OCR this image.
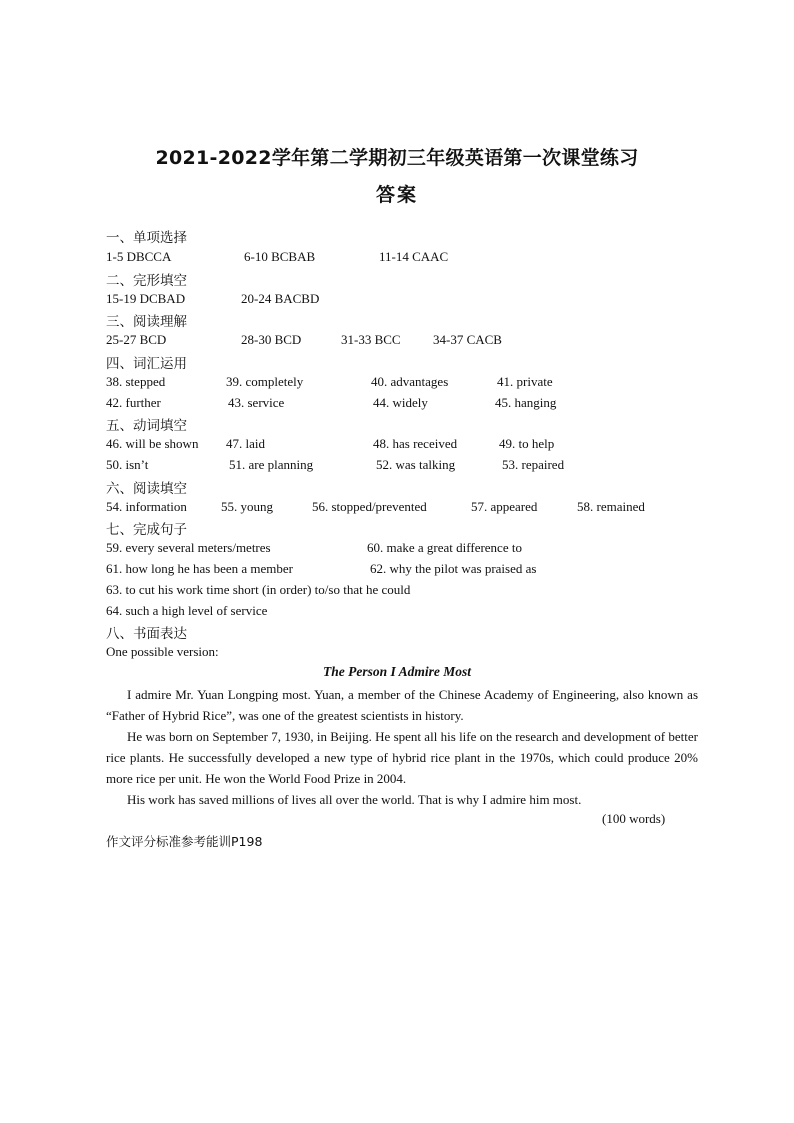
2021-2022学年第二学期初三年级英语第一次课堂练习
答案
一、单项选择
1-5 DBCCA	6-10 BCBAB	11-14 CAAC
二、完形填空
15-19 DCBAD	20-24 BACBD
三、阅读理解
25-27 BCD	28-30 BCD	31-33 BCC 34-37 CACB
四、词汇运用
38. stepped	39. completely	40. advantages	41. private
42. further	43. service	44. widely	45. hanging
五、动词填空
46. will be shown 47. laid	48. has received	49. to help
50. isn’t	51. are planning	52. was talking	53. repaired
六、阅读填空
54. information	55. young	56. stopped/prevented	57. appeared	58. remained
七、完成句子
59. every several meters/metres	60. make a great difference to
61. how long he has been a member	62. why the pilot was praised as
63. to cut his work time short (in order) to/so that he could
64. such a high level of service
八、书面表达
One possible version:
The Person I Admire Most
I admire Mr. Yuan Longping most. Yuan, a member of the Chinese Academy of Engineering, also known as “Father of Hybrid Rice”, was one of the greatest scientists in history.
He was born on September 7, 1930, in Beijing. He spent all his life on the research and development of better rice plants. He successfully developed a new type of hybrid rice plant in the 1970s, which could produce 20% more rice per unit. He won the World Food Prize in 2004.
His work has saved millions of lives all over the world. That is why I admire him most.
(100 words)
作文评分标准参考能训P198
